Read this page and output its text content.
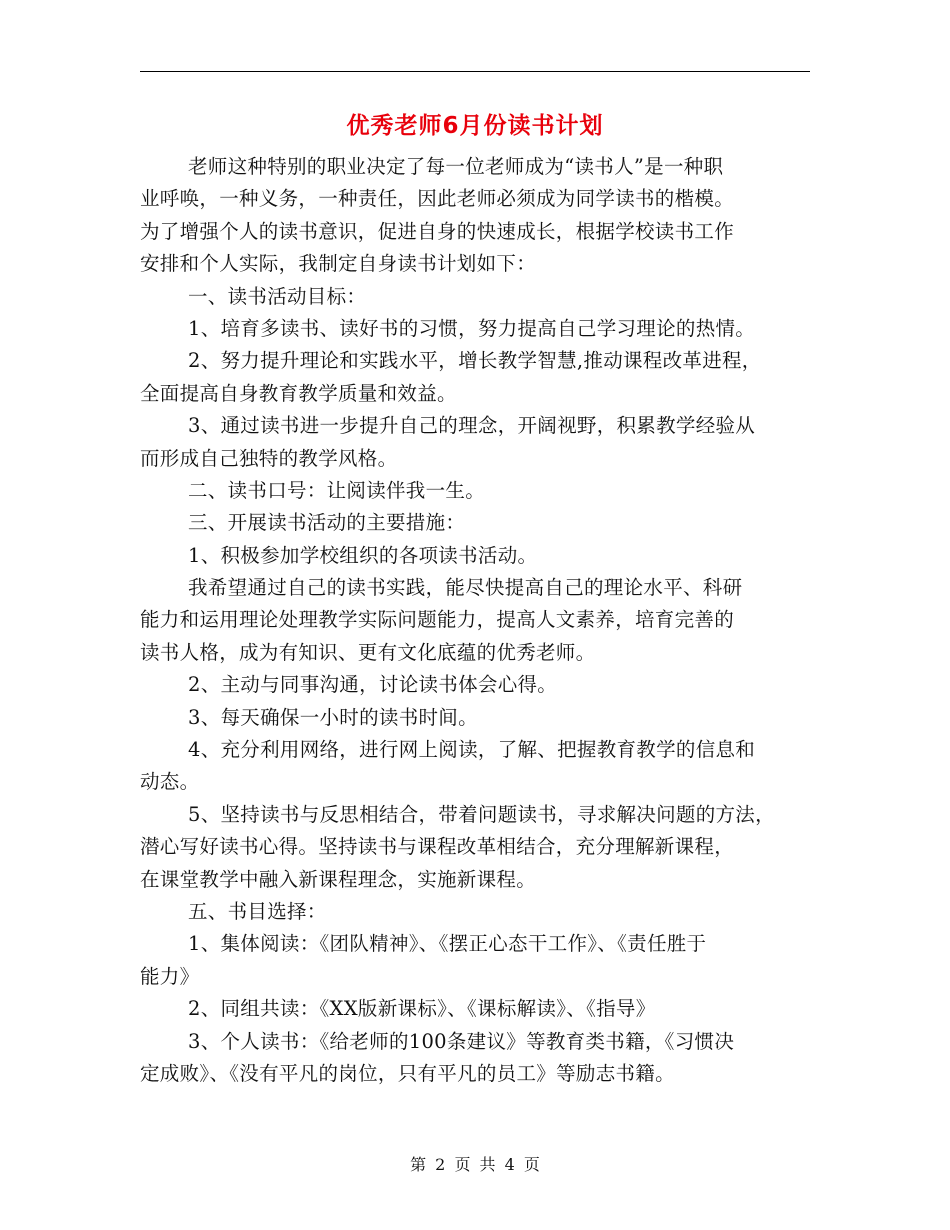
优秀老师6月份读书计划
老师这种特别的职业决定了每一位老师成为“读书人”是一种职
业呼唤，一种义务，一种责任，因此老师必须成为同学读书的楷模。
为了增强个人的读书意识，促进自身的快速成长，根据学校读书工作
安排和个人实际，我制定自身读书计划如下：
一、读书活动目标：
1、培育多读书、读好书的习惯，努力提高自己学习理论的热情。
2、努力提升理论和实践水平，增长教学智慧,推动课程改革进程，
全面提高自身教育教学质量和效益。
3、通过读书进一步提升自己的理念，开阔视野，积累教学经验从
而形成自己独特的教学风格。
二、读书口号：让阅读伴我一生。
三、开展读书活动的主要措施：
1、积极参加学校组织的各项读书活动。
我希望通过自己的读书实践，能尽快提高自己的理论水平、科研
能力和运用理论处理教学实际问题能力，提高人文素养，培育完善的
读书人格，成为有知识、更有文化底蕴的优秀老师。
2、主动与同事沟通，讨论读书体会心得。
3、每天确保一小时的读书时间。
4、充分利用网络，进行网上阅读，了解、把握教育教学的信息和
动态。
5、坚持读书与反思相结合，带着问题读书，寻求解决问题的方法，
潜心写好读书心得。坚持读书与课程改革相结合，充分理解新课程，
在课堂教学中融入新课程理念，实施新课程。
五、书目选择：
1、集体阅读：《团队精神》、《摆正心态干工作》、《责任胜于
能力》
2、同组共读：《XX版新课标》、《课标解读》、《指导》
3、个人读书：《给老师的100条建议》等教育类书籍，《习惯决
定成败》、《没有平凡的岗位，只有平凡的员工》等励志书籍。
第 2 页 共 4 页
